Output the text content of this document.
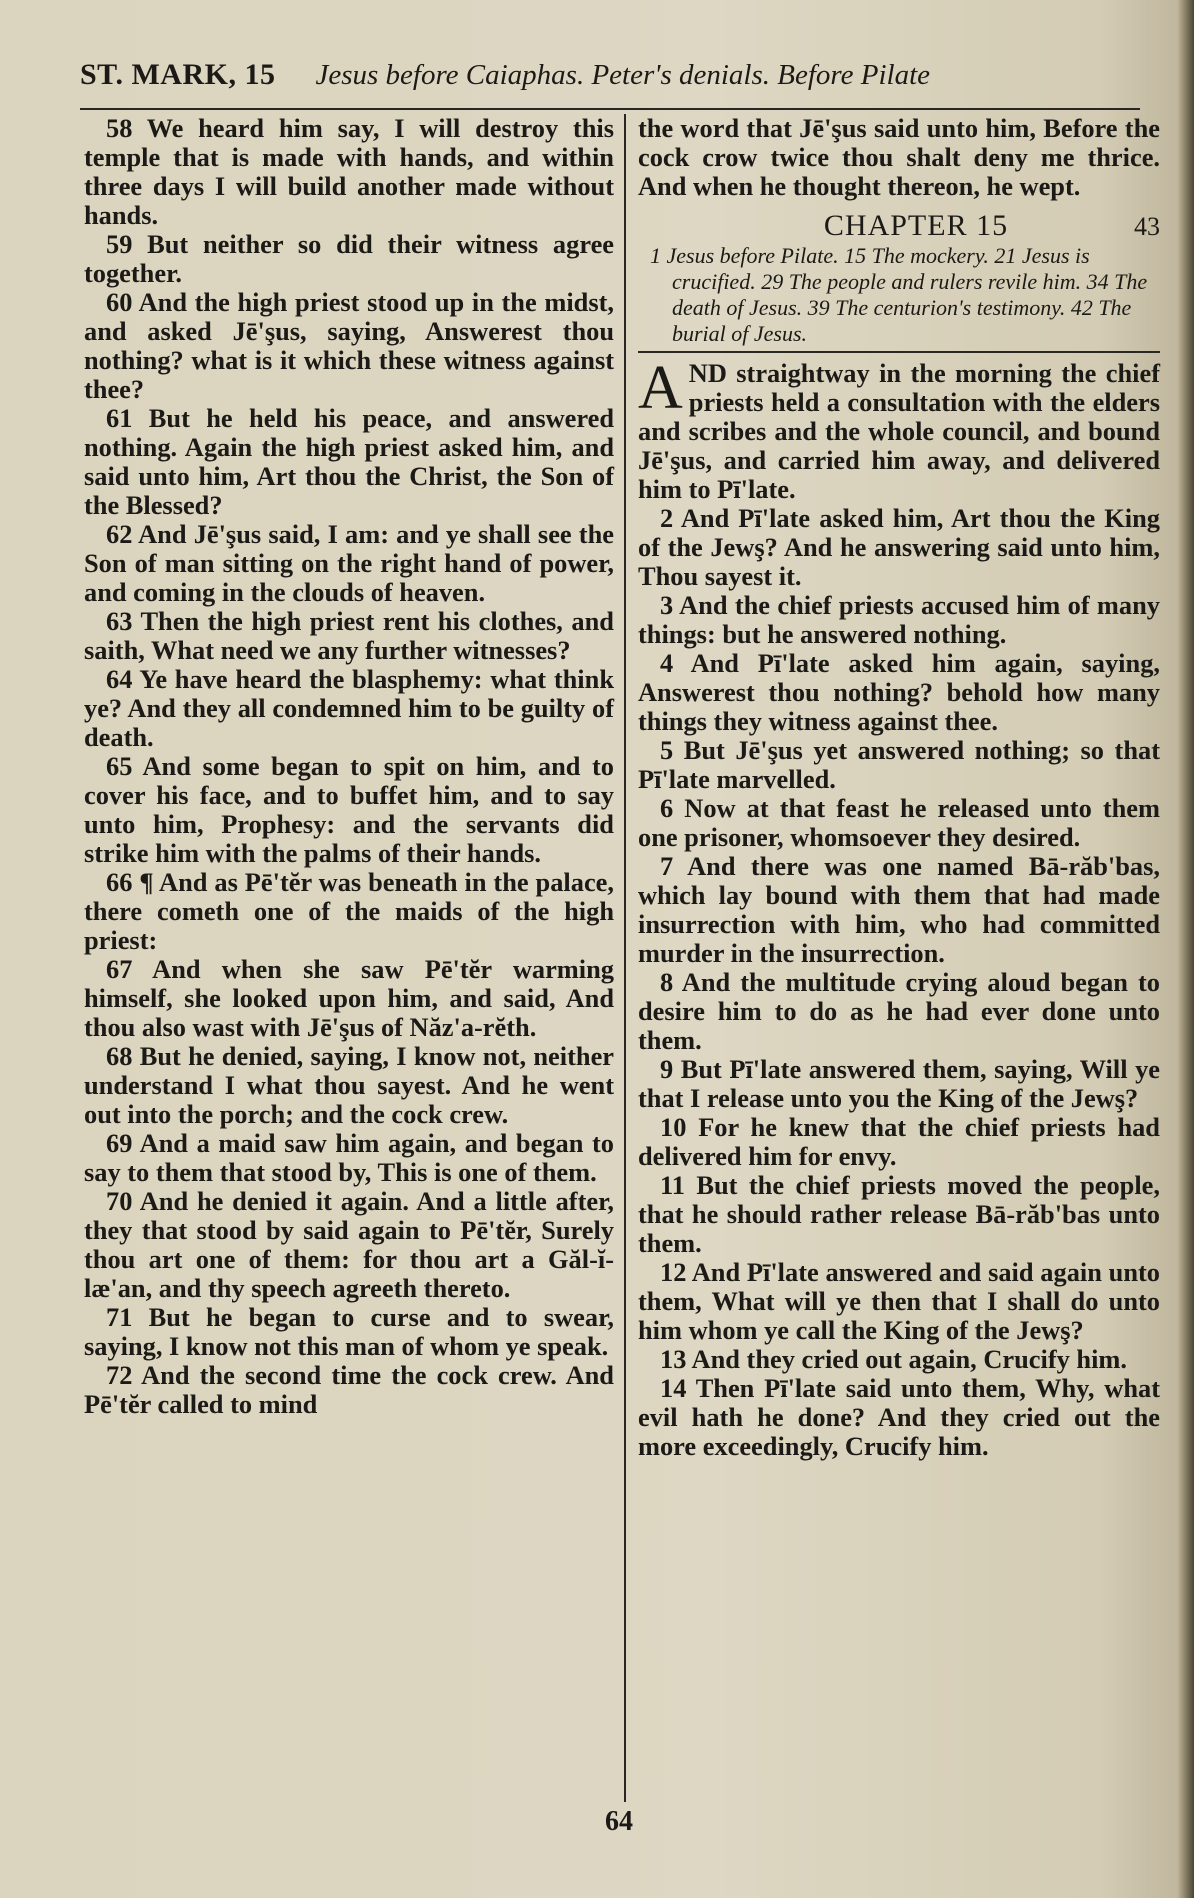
ST. MARK, 15 Jesus before Caiaphas. Peter's denials. Before Pilate

58 We heard him say, I will destroy this temple that is made with hands, and within three days I will build another made without hands.

59 But neither so did their witness agree together.

60 And the high priest stood up in the midst, and asked Jē'şus, saying, Answerest thou nothing? what is it which these witness against thee?

61 But he held his peace, and answered nothing. Again the high priest asked him, and said unto him, Art thou the Christ, the Son of the Blessed?

62 And Jē'şus said, I am: and ye shall see the Son of man sitting on the right hand of power, and coming in the clouds of heaven.

63 Then the high priest rent his clothes, and saith, What need we any further witnesses?

64 Ye have heard the blasphemy: what think ye? And they all condemned him to be guilty of death.

65 And some began to spit on him, and to cover his face, and to buffet him, and to say unto him, Prophesy: and the servants did strike him with the palms of their hands.

66 ¶ And as Pē'tĕr was beneath in the palace, there cometh one of the maids of the high priest:

67 And when she saw Pē'tĕr warming himself, she looked upon him, and said, And thou also wast with Jē'şus of Năz'a-rĕth.

68 But he denied, saying, I know not, neither understand I what thou sayest. And he went out into the porch; and the cock crew.

69 And a maid saw him again, and began to say to them that stood by, This is one of them.

70 And he denied it again. And a little after, they that stood by said again to Pē'tĕr, Surely thou art one of them: for thou art a Găl-ĭ-læ'an, and thy speech agreeth thereto.

71 But he began to curse and to swear, saying, I know not this man of whom ye speak.

72 And the second time the cock crew. And Pē'tĕr called to mind

the word that Jē'şus said unto him, Before the cock crow twice thou shalt deny me thrice. And when he thought thereon, he wept.

CHAPTER 15	43

1 Jesus before Pilate. 15 The mockery. 21 Jesus is crucified. 29 The people and rulers revile him. 34 The death of Jesus. 39 The centurion's testimony. 42 The burial of Jesus.

AND straightway in the morning the chief priests held a consultation with the elders and scribes and the whole council, and bound Jē'şus, and carried him away, and delivered him to Pī'late.

2 And Pī'late asked him, Art thou the King of the Jewş? And he answering said unto him, Thou sayest it.

3 And the chief priests accused him of many things: but he answered nothing.

4 And Pī'late asked him again, saying, Answerest thou nothing? behold how many things they witness against thee.

5 But Jē'şus yet answered nothing; so that Pī'late marvelled.

6 Now at that feast he released unto them one prisoner, whomsoever they desired.

7 And there was one named Bā-răb'bas, which lay bound with them that had made insurrection with him, who had committed murder in the insurrection.

8 And the multitude crying aloud began to desire him to do as he had ever done unto them.

9 But Pī'late answered them, saying, Will ye that I release unto you the King of the Jewş?

10 For he knew that the chief priests had delivered him for envy.

11 But the chief priests moved the people, that he should rather release Bā-răb'bas unto them.

12 And Pī'late answered and said again unto them, What will ye then that I shall do unto him whom ye call the King of the Jewş?

13 And they cried out again, Crucify him.

14 Then Pī'late said unto them, Why, what evil hath he done? And they cried out the more exceedingly, Crucify him.

64
